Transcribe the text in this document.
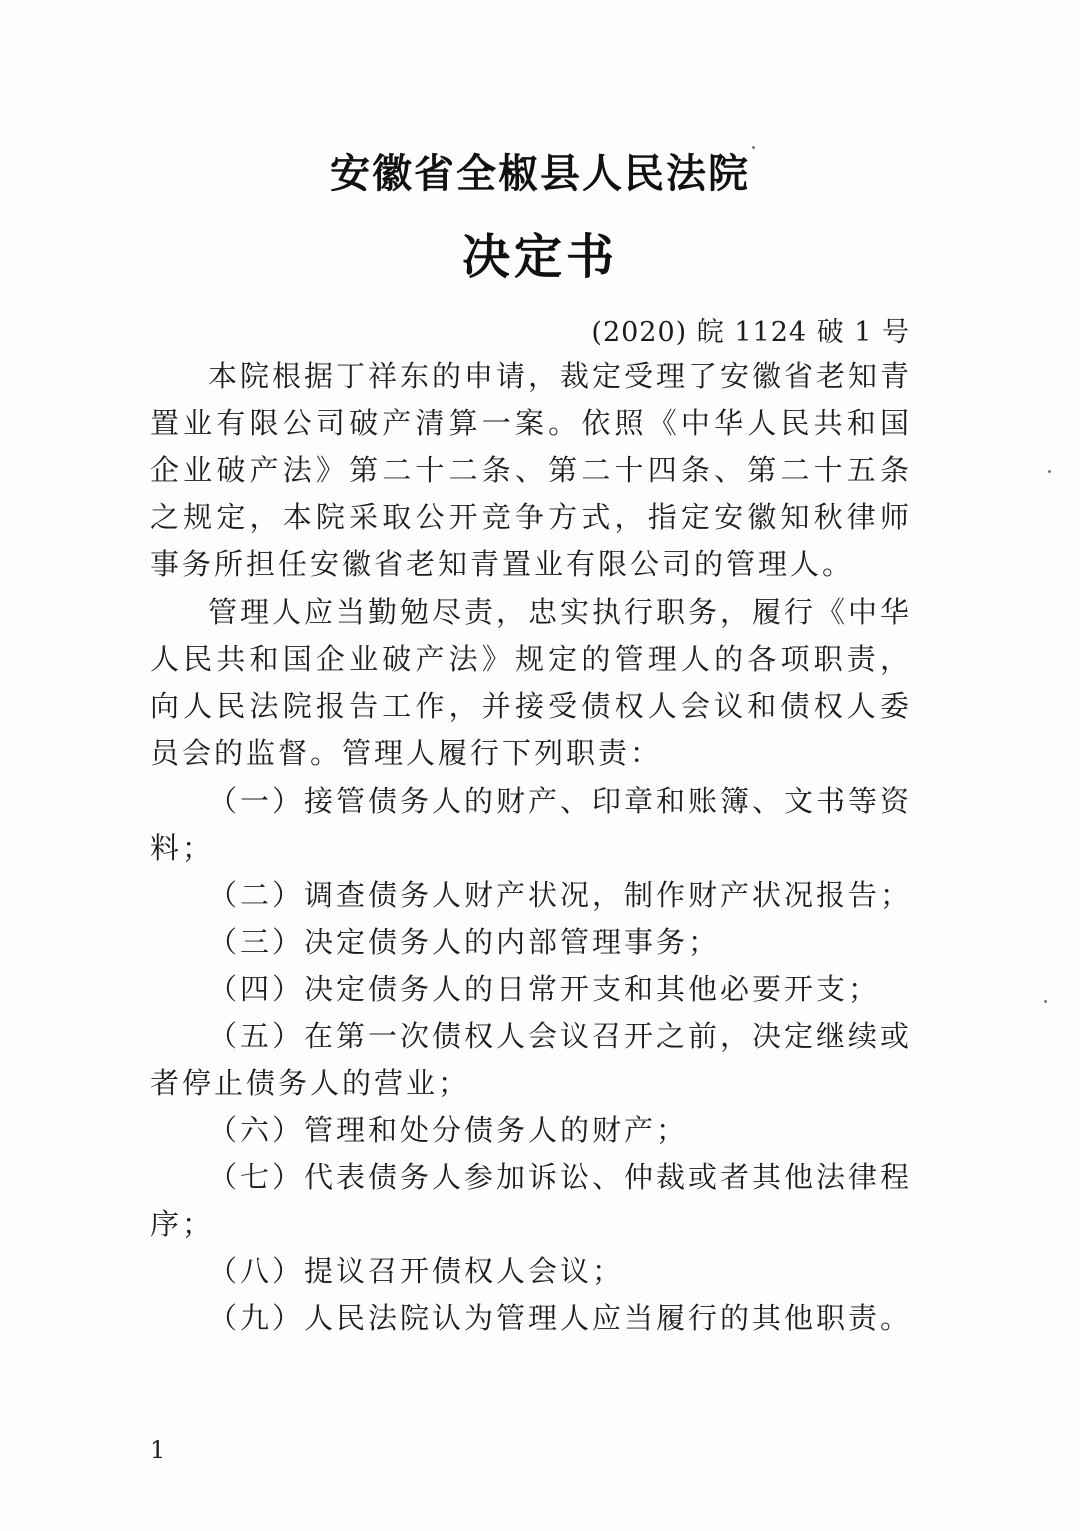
安徽省全椒县人民法院
决定书
(2020) 皖 1124 破 1 号

本院根据丁祥东的申请，裁定受理了安徽省老知青置业有限公司破产清算一案。依照《中华人民共和国企业破产法》第二十二条、第二十四条、第二十五条之规定，本院采取公开竞争方式，指定安徽知秋律师事务所担任安徽省老知青置业有限公司的管理人。

管理人应当勤勉尽责，忠实执行职务，履行《中华人民共和国企业破产法》规定的管理人的各项职责，向人民法院报告工作，并接受债权人会议和债权人委员会的监督。管理人履行下列职责：

（一）接管债务人的财产、印章和账簿、文书等资料；
（二）调查债务人财产状况，制作财产状况报告；
（三）决定债务人的内部管理事务；
（四）决定债务人的日常开支和其他必要开支；
（五）在第一次债权人会议召开之前，决定继续或者停止债务人的营业；
（六）管理和处分债务人的财产；
（七）代表债务人参加诉讼、仲裁或者其他法律程序；
（八）提议召开债权人会议；
（九）人民法院认为管理人应当履行的其他职责。
1
